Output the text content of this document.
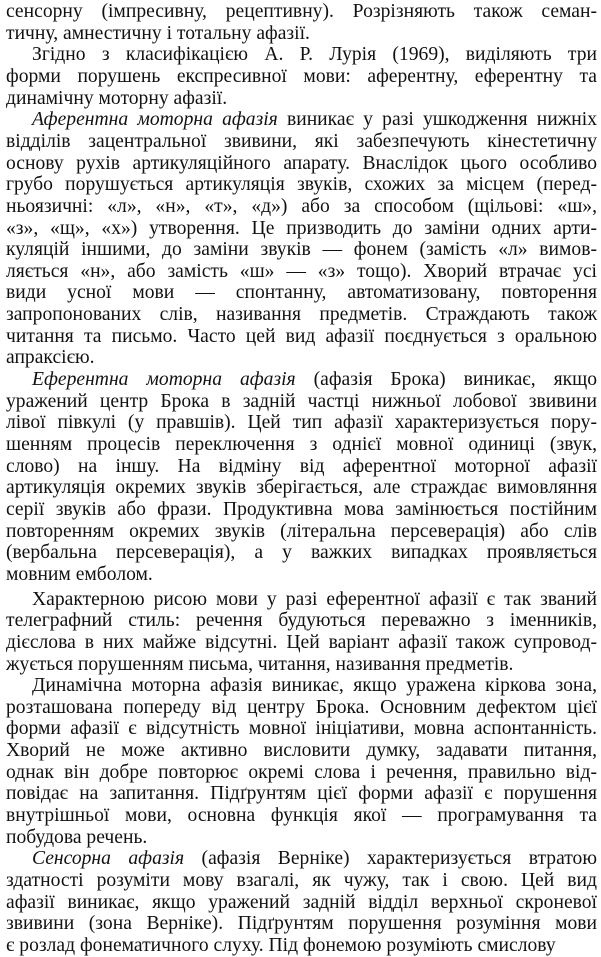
сенсорну (імпресивну, рецептивну). Розрізняють також семан-
тичну, амнестичну і тотальну афазії.
Згідно з класифікацією А. Р. Лурія (1969), виділяють три
форми порушень експресивної мови: аферентну, еферентну та
динамічну моторну афазії.
Аферентна моторна афазія виникає у разі ушкодження нижніх
відділів зацентральної звивини, які забезпечують кінестетичну
основу рухів артикуляційного апарату. Внаслідок цього особливо
грубо порушується артикуляція звуків, схожих за місцем (перед-
ньоязичні: «л», «н», «т», «д») або за способом (щільові: «ш»,
«з», «щ», «х») утворення. Це призводить до заміни одних арти-
куляцій іншими, до заміни звуків — фонем (замість «л» вимов-
ляється «н», або замість «ш» — «з» тощо). Хворий втрачає усі
види усної мови — спонтанну, автоматизовану, повторення
запропонованих слів, називання предметів. Страждають також
читання та письмо. Часто цей вид афазії поєднується з оральною
апраксією.
Еферентна моторна афазія (афазія Брока) виникає, якщо
уражений центр Брока в задній частці нижньої лобової звивини
лівої півкулі (у правшів). Цей тип афазії характеризується пору-
шенням процесів переключення з однієї мовної одиниці (звук,
слово) на іншу. На відміну від аферентної моторної афазії
артикуляція окремих звуків зберігається, але страждає вимовляння
серії звуків або фрази. Продуктивна мова замінюється постійним
повторенням окремих звуків (літеральна персеверація) або слів
(вербальна персеверація), а у важких випадках проявляється
мовним емболом.
Характерною рисою мови у разі еферентної афазії є так званий
телеграфний стиль: речення будуються переважно з іменників,
дієслова в них майже відсутні. Цей варіант афазії також супровод-
жується порушенням письма, читання, називання предметів.
Динамічна моторна афазія виникає, якщо уражена кіркова зона,
розташована попереду від центру Брока. Основним дефектом цієї
форми афазії є відсутність мовної ініціативи, мовна аспонтанність.
Хворий не може активно висловити думку, задавати питання,
однак він добре повторює окремі слова і речення, правильно від-
повідає на запитання. Підґрунтям цієї форми афазії є порушення
внутрішньої мови, основна функція якої — програмування та
побудова речень.
Сенсорна афазія (афазія Верніке) характеризується втратою
здатності розуміти мову взагалі, як чужу, так і свою. Цей вид
афазії виникає, якщо уражений задній відділ верхньої скроневої
звивини (зона Верніке). Підґрунтям порушення розуміння мови
є розлад фонематичного слуху. Під фонемою розуміють смислову
